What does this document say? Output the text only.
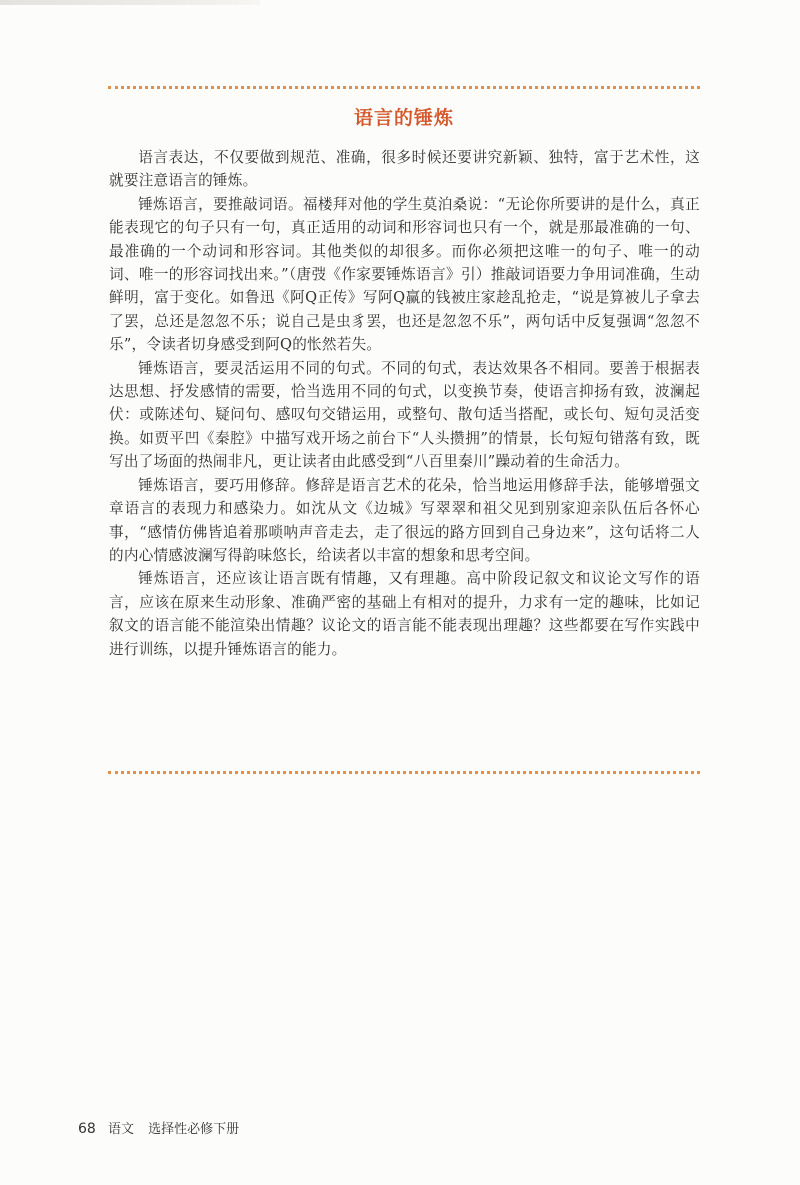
语言的锤炼

语言表达，不仅要做到规范、准确，很多时候还要讲究新颖、独特，富于艺术性，这就要注意语言的锤炼。

锤炼语言，要推敲词语。福楼拜对他的学生莫泊桑说：“无论你所要讲的是什么，真正能表现它的句子只有一句，真正适用的动词和形容词也只有一个，就是那最准确的一句、最准确的一个动词和形容词。其他类似的却很多。而你必须把这唯一的句子、唯一的动词、唯一的形容词找出来。”（唐弢《作家要锤炼语言》引）推敲词语要力争用词准确，生动鲜明，富于变化。如鲁迅《阿Q正传》写阿Q赢的钱被庄家趁乱抢走，“说是算被儿子拿去了罢，总还是忽忽不乐；说自己是虫豸罢，也还是忽忽不乐”，两句话中反复强调“忽忽不乐”，令读者切身感受到阿Q的怅然若失。

锤炼语言，要灵活运用不同的句式。不同的句式，表达效果各不相同。要善于根据表达思想、抒发感情的需要，恰当选用不同的句式，以变换节奏，使语言抑扬有致，波澜起伏：或陈述句、疑问句、感叹句交错运用，或整句、散句适当搭配，或长句、短句灵活变换。如贾平凹《秦腔》中描写戏开场之前台下“人头攒拥”的情景，长句短句错落有致，既写出了场面的热闹非凡，更让读者由此感受到“八百里秦川”躁动着的生命活力。

锤炼语言，要巧用修辞。修辞是语言艺术的花朵，恰当地运用修辞手法，能够增强文章语言的表现力和感染力。如沈从文《边城》写翠翠和祖父见到别家迎亲队伍后各怀心事，“感情仿佛皆追着那唢呐声音走去，走了很远的路方回到自己身边来”，这句话将二人的内心情感波澜写得韵味悠长，给读者以丰富的想象和思考空间。

锤炼语言，还应该让语言既有情趣，又有理趣。高中阶段记叙文和议论文写作的语言，应该在原来生动形象、准确严密的基础上有相对的提升，力求有一定的趣味，比如记叙文的语言能不能渲染出情趣？议论文的语言能不能表现出理趣？这些都要在写作实践中进行训练，以提升锤炼语言的能力。

68 语文 选择性必修下册
